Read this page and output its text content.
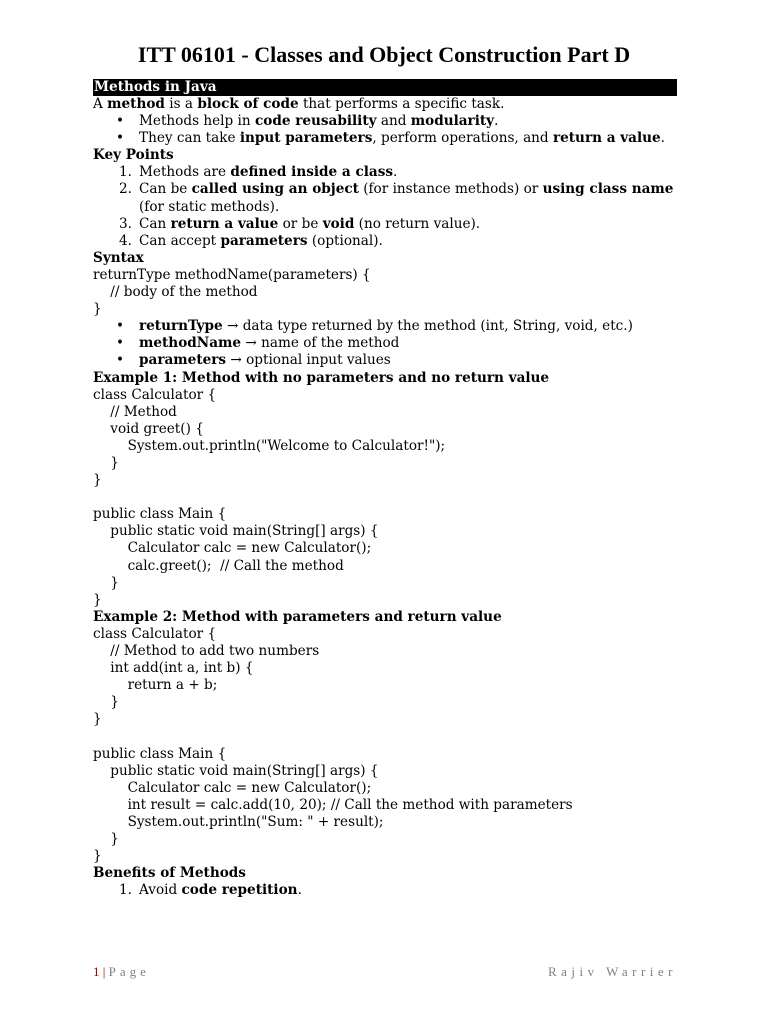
ITT 06101 - Classes and Object Construction Part D
Methods in Java
A method is a block of code that performs a specific task.
• Methods help in code reusability and modularity.
• They can take input parameters, perform operations, and return a value.
Key Points
1. Methods are defined inside a class.
2. Can be called using an object (for instance methods) or using class name (for static methods).
3. Can return a value or be void (no return value).
4. Can accept parameters (optional).
Syntax
returnType methodName(parameters) {
// body of the method
}
• returnType → data type returned by the method (int, String, void, etc.)
• methodName → name of the method
• parameters → optional input values
Example 1: Method with no parameters and no return value
class Calculator {
// Method
void greet() {
System.out.println("Welcome to Calculator!");
}
}
public class Main {
public static void main(String[] args) {
Calculator calc = new Calculator();
calc.greet();  // Call the method
}
}
Example 2: Method with parameters and return value
class Calculator {
// Method to add two numbers
int add(int a, int b) {
return a + b;
}
}
public class Main {
public static void main(String[] args) {
Calculator calc = new Calculator();
int result = calc.add(10, 20); // Call the method with parameters
System.out.println("Sum: " + result);
}
}
Benefits of Methods
1. Avoid code repetition.
1 | Page	Rajiv Warrier
